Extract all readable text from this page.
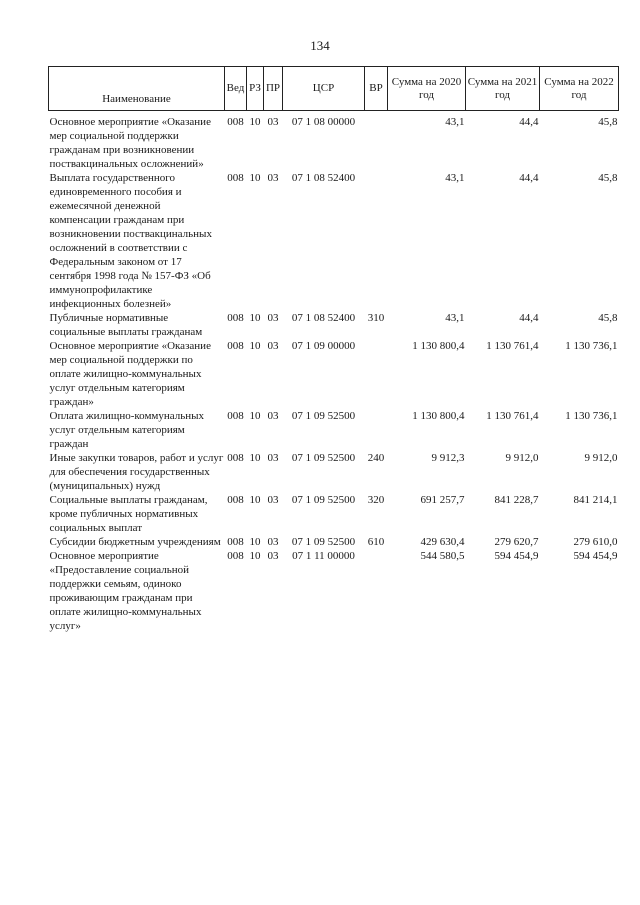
134
Наименование	Вед	РЗ	ПР	ЦСР	ВР	Сумма на 2020 год	Сумма на 2021 год	Сумма на 2022 год
Основное мероприятие «Оказание мер социальной поддержки гражданам при возникновении поствакцинальных осложнений»	008	10	03	07 1 08 00000		43,1	44,4	45,8
Выплата государственного единовременного пособия и ежемесячной денежной компенсации гражданам при возникновении поствакцинальных осложнений в соответствии с Федеральным законом от 17 сентября 1998 года № 157-ФЗ «Об иммунопрофилактике инфекционных болезней»	008	10	03	07 1 08 52400		43,1	44,4	45,8
Публичные нормативные социальные выплаты гражданам	008	10	03	07 1 08 52400	310	43,1	44,4	45,8
Основное мероприятие «Оказание мер социальной поддержки по оплате жилищно-коммунальных услуг отдельным категориям граждан»	008	10	03	07 1 09 00000		1 130 800,4	1 130 761,4	1 130 736,1
Оплата жилищно-коммунальных услуг отдельным категориям граждан	008	10	03	07 1 09 52500		1 130 800,4	1 130 761,4	1 130 736,1
Иные закупки товаров, работ и услуг для обеспечения государственных (муниципальных) нужд	008	10	03	07 1 09 52500	240	9 912,3	9 912,0	9 912,0
Социальные выплаты гражданам, кроме публичных нормативных социальных выплат	008	10	03	07 1 09 52500	320	691 257,7	841 228,7	841 214,1
Субсидии бюджетным учреждениям	008	10	03	07 1 09 52500	610	429 630,4	279 620,7	279 610,0
Основное мероприятие «Предоставление социальной поддержки семьям, одиноко проживающим гражданам при оплате жилищно-коммунальных услуг»	008	10	03	07 1 11 00000		544 580,5	594 454,9	594 454,9
